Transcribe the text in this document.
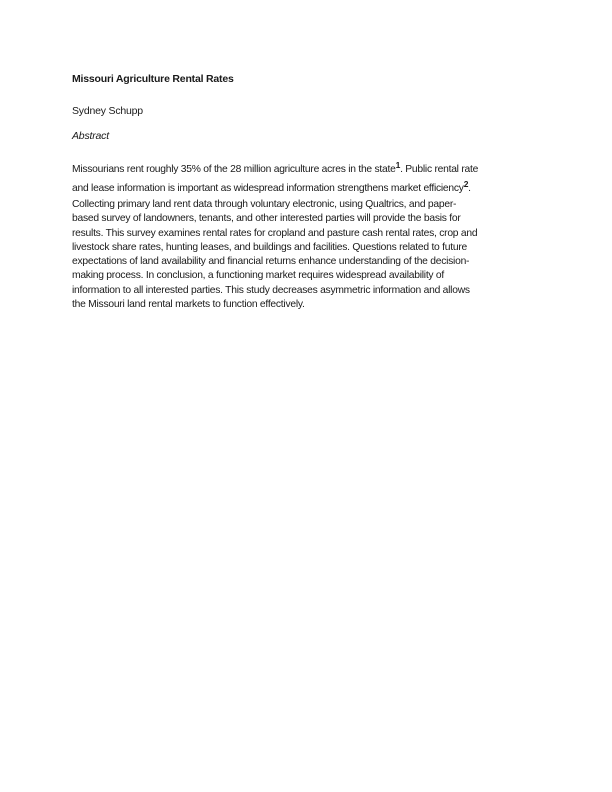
Missouri Agriculture Rental Rates
Sydney Schupp
Abstract
Missourians rent roughly 35% of the 28 million agriculture acres in the state$^1$. Public rental rate
and lease information is important as widespread information strengthens market efficiency$^2$.
Collecting primary land rent data through voluntary electronic, using Qualtrics, and paper-
based survey of landowners, tenants, and other interested parties will provide the basis for
results. This survey examines rental rates for cropland and pasture cash rental rates, crop and
livestock share rates, hunting leases, and buildings and facilities. Questions related to future
expectations of land availability and financial returns enhance understanding of the decision-
making process. In conclusion, a functioning market requires widespread availability of
information to all interested parties. This study decreases asymmetric information and allows
the Missouri land rental markets to function effectively.
